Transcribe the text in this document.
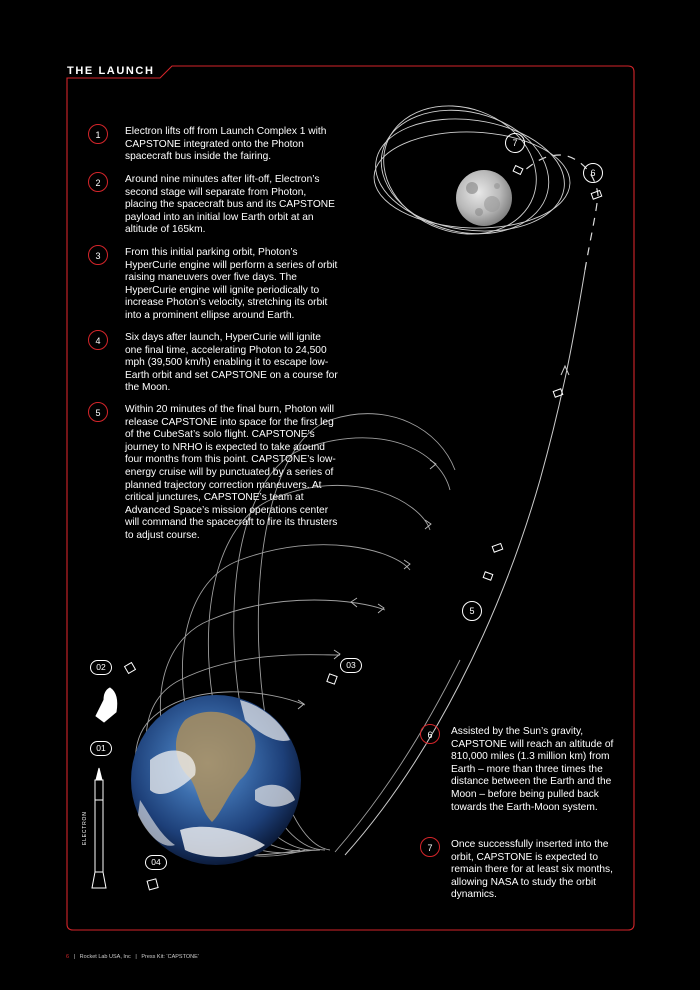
THE LAUNCH
ELECTRON
02
01
03
04
5
6
7
1	Electron lifts off from Launch Complex 1 with CAPSTONE integrated onto the Photon spacecraft bus inside the fairing.
2	Around nine minutes after lift-off, Electron’s second stage will separate from Photon, placing the spacecraft bus and its CAPSTONE payload into an initial low Earth orbit at an altitude of 165km.
3	From this initial parking orbit, Photon’s HyperCurie engine will perform a series of orbit raising maneuvers over five days. The HyperCurie engine will ignite periodically to increase Photon’s velocity, stretching its orbit into a prominent ellipse around Earth.
4	Six days after launch, HyperCurie will ignite one final time, accelerating Photon to 24,500 mph (39,500 km/h) enabling it to escape low-Earth orbit and set CAPSTONE on a course for the Moon.
5	Within 20 minutes of the final burn, Photon will release CAPSTONE into space for the first leg of the CubeSat’s solo flight. CAPSTONE’s journey to NRHO is expected to take around four months from this point. CAPSTONE’s low-energy cruise will by punctuated by a series of planned trajectory correction maneuvers. At critical junctures, CAPSTONE’s team at Advanced Space’s mission operations center will command the spacecraft to fire its thrusters to adjust course.
6	Assisted by the Sun’s gravity, CAPSTONE will reach an altitude of 810,000 miles (1.3 million km) from Earth – more than three times the distance between the Earth and the Moon – before being pulled back towards the Earth-Moon system.
7	Once successfully inserted into the orbit, CAPSTONE is expected to remain there for at least six months, allowing NASA to study the orbit dynamics.
6   |   Rocket Lab USA, Inc   |   Press Kit: ‘CAPSTONE’
